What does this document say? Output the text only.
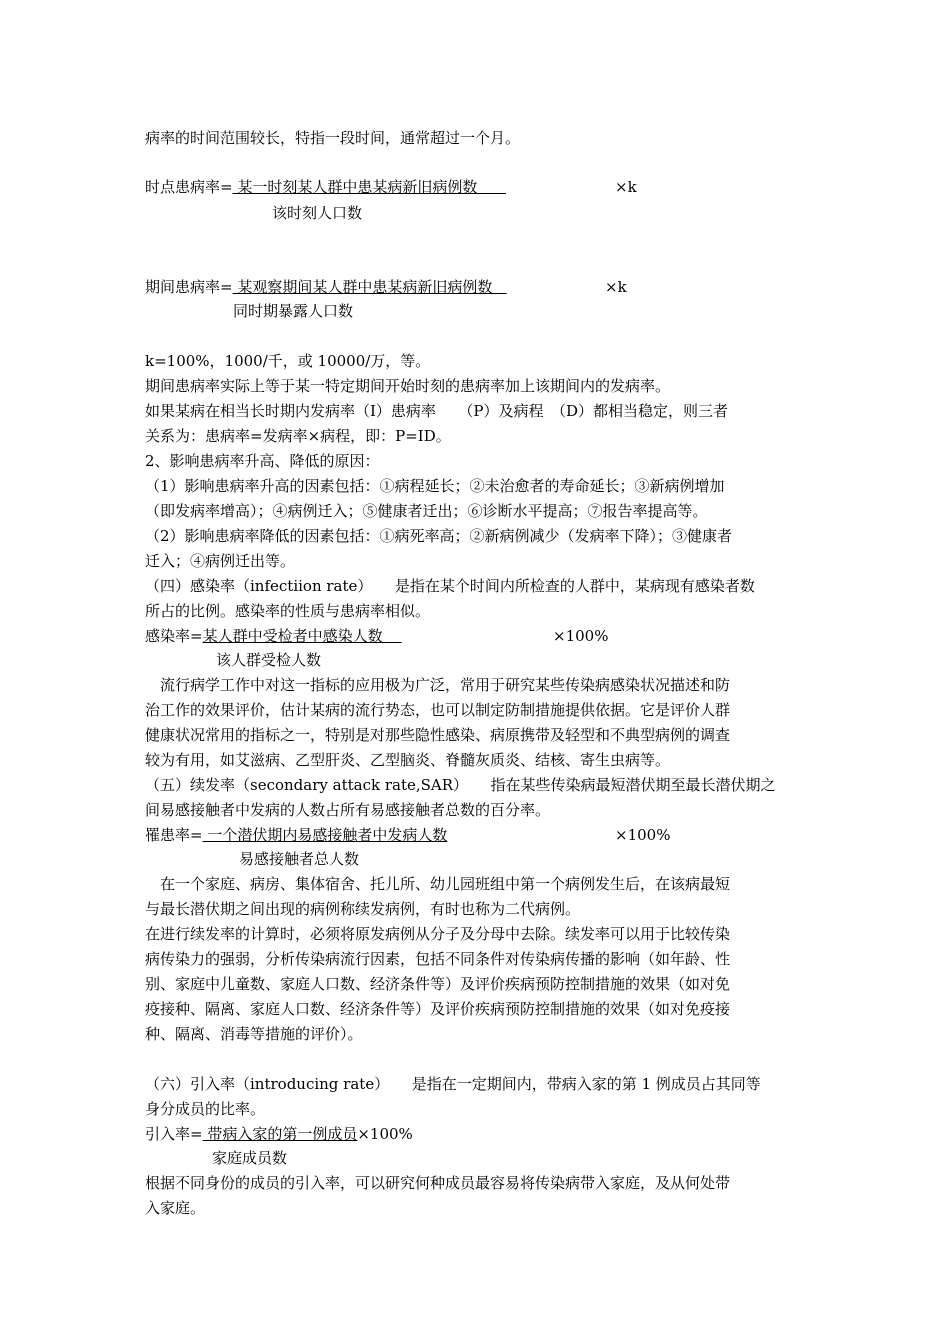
病率的时间范围较长，特指一段时间，通常超过一个月。
时点患病率= 某一时刻某人群中患某病新旧病例数	×k
该时刻人口数
期间患病率= 某观察期间某人群中患某病新旧病例数	×k
同时期暴露人口数
k=100%，1000/千，或 10000/万，等。
期间患病率实际上等于某一特定期间开始时刻的患病率加上该期间内的发病率。
如果某病在相当长时期内发病率（I）患病率　　（P）及病程　（D）都相当稳定，则三者
关系为：患病率=发病率×病程，即：P=ID。
2、影响患病率升高、降低的原因：
（1）影响患病率升高的因素包括：①病程延长；②未治愈者的寿命延长；③新病例增加
（即发病率增高）；④病例迁入；⑤健康者迁出；⑥诊断水平提高；⑦报告率提高等。
（2）影响患病率降低的因素包括：①病死率高；②新病例减少（发病率下降）；③健康者
迁入；④病例迁出等。
（四）感染率（infectiion rate）　　是指在某个时间内所检查的人群中，某病现有感染者数
所占的比例。感染率的性质与患病率相似。
感染率=某人群中受检者中感染人数	×100%
该人群受检人数
　流行病学工作中对这一指标的应用极为广泛，常用于研究某些传染病感染状况描述和防
治工作的效果评价，估计某病的流行势态，也可以制定防制措施提供依据。它是评价人群
健康状况常用的指标之一，特别是对那些隐性感染、病原携带及轻型和不典型病例的调查
较为有用，如艾滋病、乙型肝炎、乙型脑炎、脊髓灰质炎、结核、寄生虫病等。
（五）续发率（secondary attack rate,SAR）　　指在某些传染病最短潜伏期至最长潜伏期之
间易感接触者中发病的人数占所有易感接触者总数的百分率。
罹患率= 一个潜伏期内易感接触者中发病人数	×100%
易感接触者总人数
　在一个家庭、病房、集体宿舍、托儿所、幼儿园班组中第一个病例发生后，在该病最短
与最长潜伏期之间出现的病例称续发病例，有时也称为二代病例。
在进行续发率的计算时，必须将原发病例从分子及分母中去除。续发率可以用于比较传染
病传染力的强弱，分析传染病流行因素，包括不同条件对传染病传播的影响（如年龄、性
别、家庭中儿童数、家庭人口数、经济条件等）及评价疾病预防控制措施的效果（如对免
疫接种、隔离、家庭人口数、经济条件等）及评价疾病预防控制措施的效果（如对免疫接
种、隔离、消毒等措施的评价）。
（六）引入率（introducing rate）　　是指在一定期间内，带病入家的第 1 例成员占其同等
身分成员的比率。
引入率= 带病入家的第一例成员×100%
家庭成员数
根据不同身份的成员的引入率，可以研究何种成员最容易将传染病带入家庭，及从何处带
入家庭。
